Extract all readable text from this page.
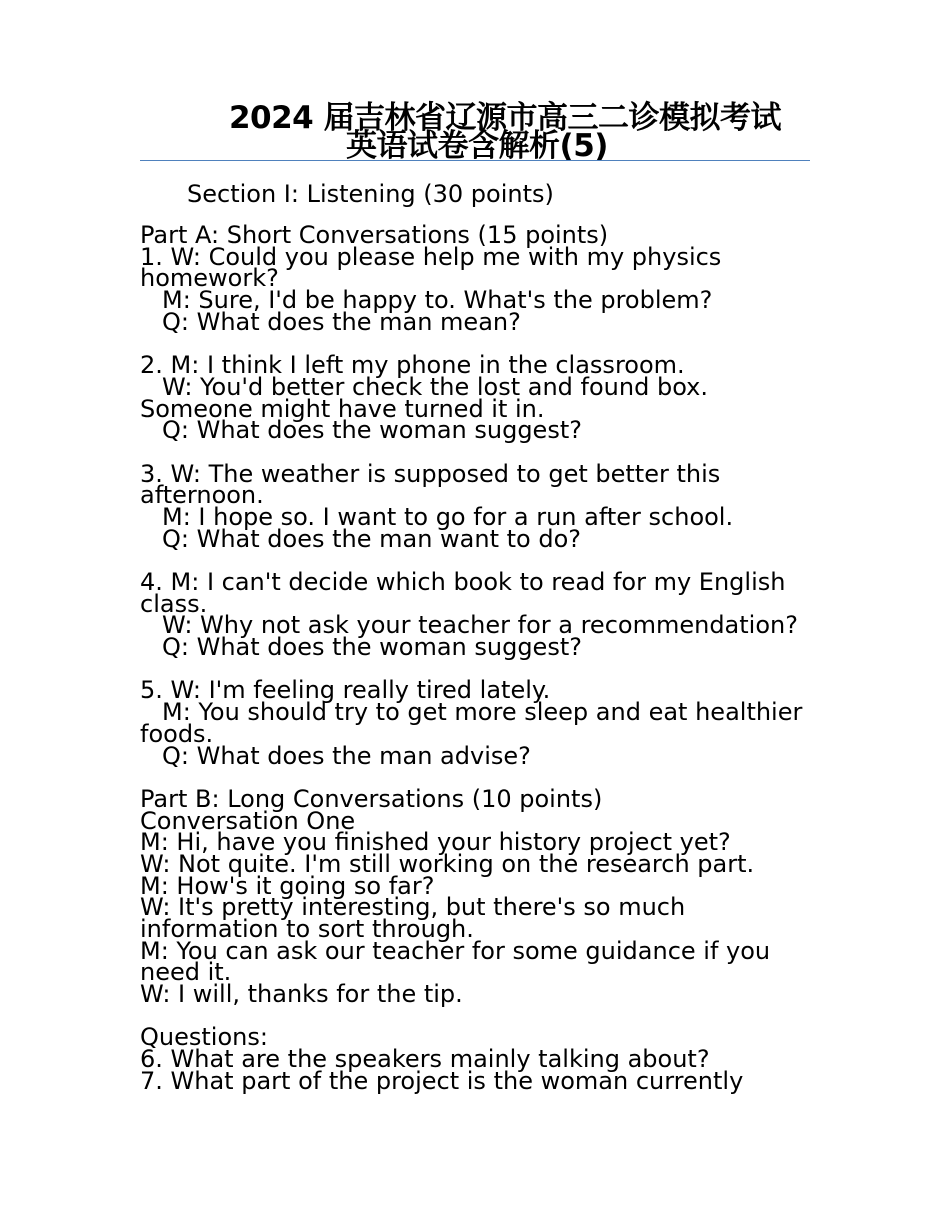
2024 届吉林省辽源市高三二诊模拟考试
英语试卷含解析(5)
Section I: Listening (30 points)
Part A: Short Conversations (15 points)
1. W: Could you please help me with my physics
homework?
M: Sure, I'd be happy to. What's the problem?
Q: What does the man mean?
2. M: I think I left my phone in the classroom.
W: You'd better check the lost and found box.
Someone might have turned it in.
Q: What does the woman suggest?
3. W: The weather is supposed to get better this
afternoon.
M: I hope so. I want to go for a run after school.
Q: What does the man want to do?
4. M: I can't decide which book to read for my English
class.
W: Why not ask your teacher for a recommendation?
Q: What does the woman suggest?
5. W: I'm feeling really tired lately.
M: You should try to get more sleep and eat healthier
foods.
Q: What does the man advise?
Part B: Long Conversations (10 points)
Conversation One
M: Hi, have you finished your history project yet?
W: Not quite. I'm still working on the research part.
M: How's it going so far?
W: It's pretty interesting, but there's so much
information to sort through.
M: You can ask our teacher for some guidance if you
need it.
W: I will, thanks for the tip.
Questions:
6. What are the speakers mainly talking about?
7. What part of the project is the woman currently
